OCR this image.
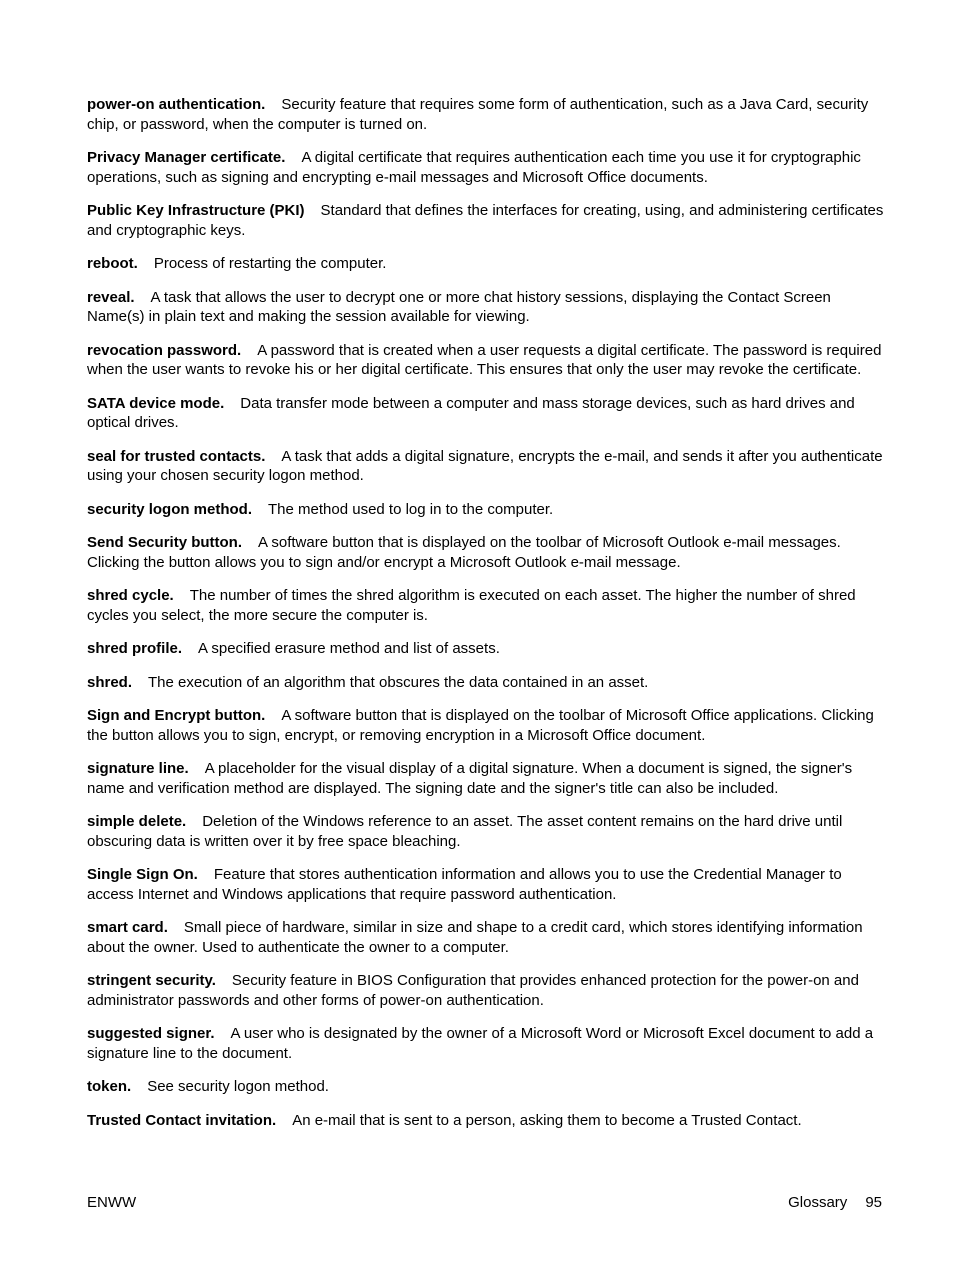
power-on authentication. Security feature that requires some form of authentication, such as a Java Card, security chip, or password, when the computer is turned on.

Privacy Manager certificate. A digital certificate that requires authentication each time you use it for cryptographic operations, such as signing and encrypting e-mail messages and Microsoft Office documents.

Public Key Infrastructure (PKI) Standard that defines the interfaces for creating, using, and administering certificates and cryptographic keys.

reboot. Process of restarting the computer.

reveal. A task that allows the user to decrypt one or more chat history sessions, displaying the Contact Screen Name(s) in plain text and making the session available for viewing.

revocation password. A password that is created when a user requests a digital certificate. The password is required when the user wants to revoke his or her digital certificate. This ensures that only the user may revoke the certificate.

SATA device mode. Data transfer mode between a computer and mass storage devices, such as hard drives and optical drives.

seal for trusted contacts. A task that adds a digital signature, encrypts the e-mail, and sends it after you authenticate using your chosen security logon method.

security logon method. The method used to log in to the computer.

Send Security button. A software button that is displayed on the toolbar of Microsoft Outlook e-mail messages. Clicking the button allows you to sign and/or encrypt a Microsoft Outlook e-mail message.

shred cycle. The number of times the shred algorithm is executed on each asset. The higher the number of shred cycles you select, the more secure the computer is.

shred profile. A specified erasure method and list of assets.

shred. The execution of an algorithm that obscures the data contained in an asset.

Sign and Encrypt button. A software button that is displayed on the toolbar of Microsoft Office applications. Clicking the button allows you to sign, encrypt, or removing encryption in a Microsoft Office document.

signature line. A placeholder for the visual display of a digital signature. When a document is signed, the signer's name and verification method are displayed. The signing date and the signer's title can also be included.

simple delete. Deletion of the Windows reference to an asset. The asset content remains on the hard drive until obscuring data is written over it by free space bleaching.

Single Sign On. Feature that stores authentication information and allows you to use the Credential Manager to access Internet and Windows applications that require password authentication.

smart card. Small piece of hardware, similar in size and shape to a credit card, which stores identifying information about the owner. Used to authenticate the owner to a computer.

stringent security. Security feature in BIOS Configuration that provides enhanced protection for the power-on and administrator passwords and other forms of power-on authentication.

suggested signer. A user who is designated by the owner of a Microsoft Word or Microsoft Excel document to add a signature line to the document.

token. See security logon method.

Trusted Contact invitation. An e-mail that is sent to a person, asking them to become a Trusted Contact.

ENWW	Glossary 95
